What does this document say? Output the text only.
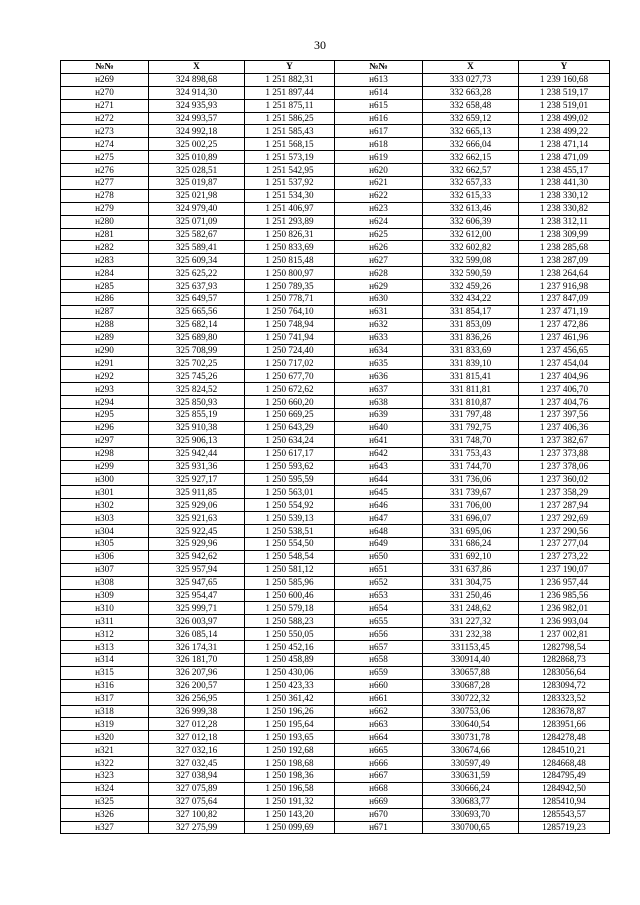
30
№№	X	Y	№№	X	Y
н269	324 898,68	1 251 882,31	н613	333 027,73	1 239 160,68
н270	324 914,30	1 251 897,44	н614	332 663,28	1 238 519,17
н271	324 935,93	1 251 875,11	н615	332 658,48	1 238 519,01
н272	324 993,57	1 251 586,25	н616	332 659,12	1 238 499,02
н273	324 992,18	1 251 585,43	н617	332 665,13	1 238 499,22
н274	325 002,25	1 251 568,15	н618	332 666,04	1 238 471,14
н275	325 010,89	1 251 573,19	н619	332 662,15	1 238 471,09
н276	325 028,51	1 251 542,95	н620	332 662,57	1 238 455,17
н277	325 019,87	1 251 537,92	н621	332 657,33	1 238 441,30
н278	325 021,98	1 251 534,30	н622	332 615,33	1 238 330,12
н279	324 979,40	1 251 406,97	н623	332 613,46	1 238 330,82
н280	325 071,09	1 251 293,89	н624	332 606,39	1 238 312,11
н281	325 582,67	1 250 826,31	н625	332 612,00	1 238 309,99
н282	325 589,41	1 250 833,69	н626	332 602,82	1 238 285,68
н283	325 609,34	1 250 815,48	н627	332 599,08	1 238 287,09
н284	325 625,22	1 250 800,97	н628	332 590,59	1 238 264,64
н285	325 637,93	1 250 789,35	н629	332 459,26	1 237 916,98
н286	325 649,57	1 250 778,71	н630	332 434,22	1 237 847,09
н287	325 665,56	1 250 764,10	н631	331 854,17	1 237 471,19
н288	325 682,14	1 250 748,94	н632	331 853,09	1 237 472,86
н289	325 689,80	1 250 741,94	н633	331 836,26	1 237 461,96
н290	325 708,99	1 250 724,40	н634	331 833,69	1 237 456,65
н291	325 702,25	1 250 717,02	н635	331 839,10	1 237 454,04
н292	325 745,26	1 250 677,70	н636	331 815,41	1 237 404,96
н293	325 824,52	1 250 672,62	н637	331 811,81	1 237 406,70
н294	325 850,93	1 250 660,20	н638	331 810,87	1 237 404,76
н295	325 855,19	1 250 669,25	н639	331 797,48	1 237 397,56
н296	325 910,38	1 250 643,29	н640	331 792,75	1 237 406,36
н297	325 906,13	1 250 634,24	н641	331 748,70	1 237 382,67
н298	325 942,44	1 250 617,17	н642	331 753,43	1 237 373,88
н299	325 931,36	1 250 593,62	н643	331 744,70	1 237 378,06
н300	325 927,17	1 250 595,59	н644	331 736,06	1 237 360,02
н301	325 911,85	1 250 563,01	н645	331 739,67	1 237 358,29
н302	325 929,06	1 250 554,92	н646	331 706,00	1 237 287,94
н303	325 921,63	1 250 539,13	н647	331 696,07	1 237 292,69
н304	325 922,45	1 250 538,51	н648	331 695,06	1 237 290,56
н305	325 929,96	1 250 554,50	н649	331 686,24	1 237 277,04
н306	325 942,62	1 250 548,54	н650	331 692,10	1 237 273,22
н307	325 957,94	1 250 581,12	н651	331 637,86	1 237 190,07
н308	325 947,65	1 250 585,96	н652	331 304,75	1 236 957,44
н309	325 954,47	1 250 600,46	н653	331 250,46	1 236 985,56
н310	325 999,71	1 250 579,18	н654	331 248,62	1 236 982,01
н311	326 003,97	1 250 588,23	н655	331 227,32	1 236 993,04
н312	326 085,14	1 250 550,05	н656	331 232,38	1 237 002,81
н313	326 174,31	1 250 452,16	н657	331153,45	1282798,54
н314	326 181,70	1 250 458,89	н658	330914,40	1282868,73
н315	326 207,96	1 250 430,06	н659	330657,88	1283056,64
н316	326 200,57	1 250 423,33	н660	330687,28	1283094,72
н317	326 256,95	1 250 361,42	н661	330722,32	1283323,52
н318	326 999,38	1 250 196,26	н662	330753,06	1283678,87
н319	327 012,28	1 250 195,64	н663	330640,54	1283951,66
н320	327 012,18	1 250 193,65	н664	330731,78	1284278,48
н321	327 032,16	1 250 192,68	н665	330674,66	1284510,21
н322	327 032,45	1 250 198,68	н666	330597,49	1284668,48
н323	327 038,94	1 250 198,36	н667	330631,59	1284795,49
н324	327 075,89	1 250 196,58	н668	330666,24	1284942,50
н325	327 075,64	1 250 191,32	н669	330683,77	1285410,94
н326	327 100,82	1 250 143,20	н670	330693,70	1285543,57
н327	327 275,99	1 250 099,69	н671	330700,65	1285719,23
